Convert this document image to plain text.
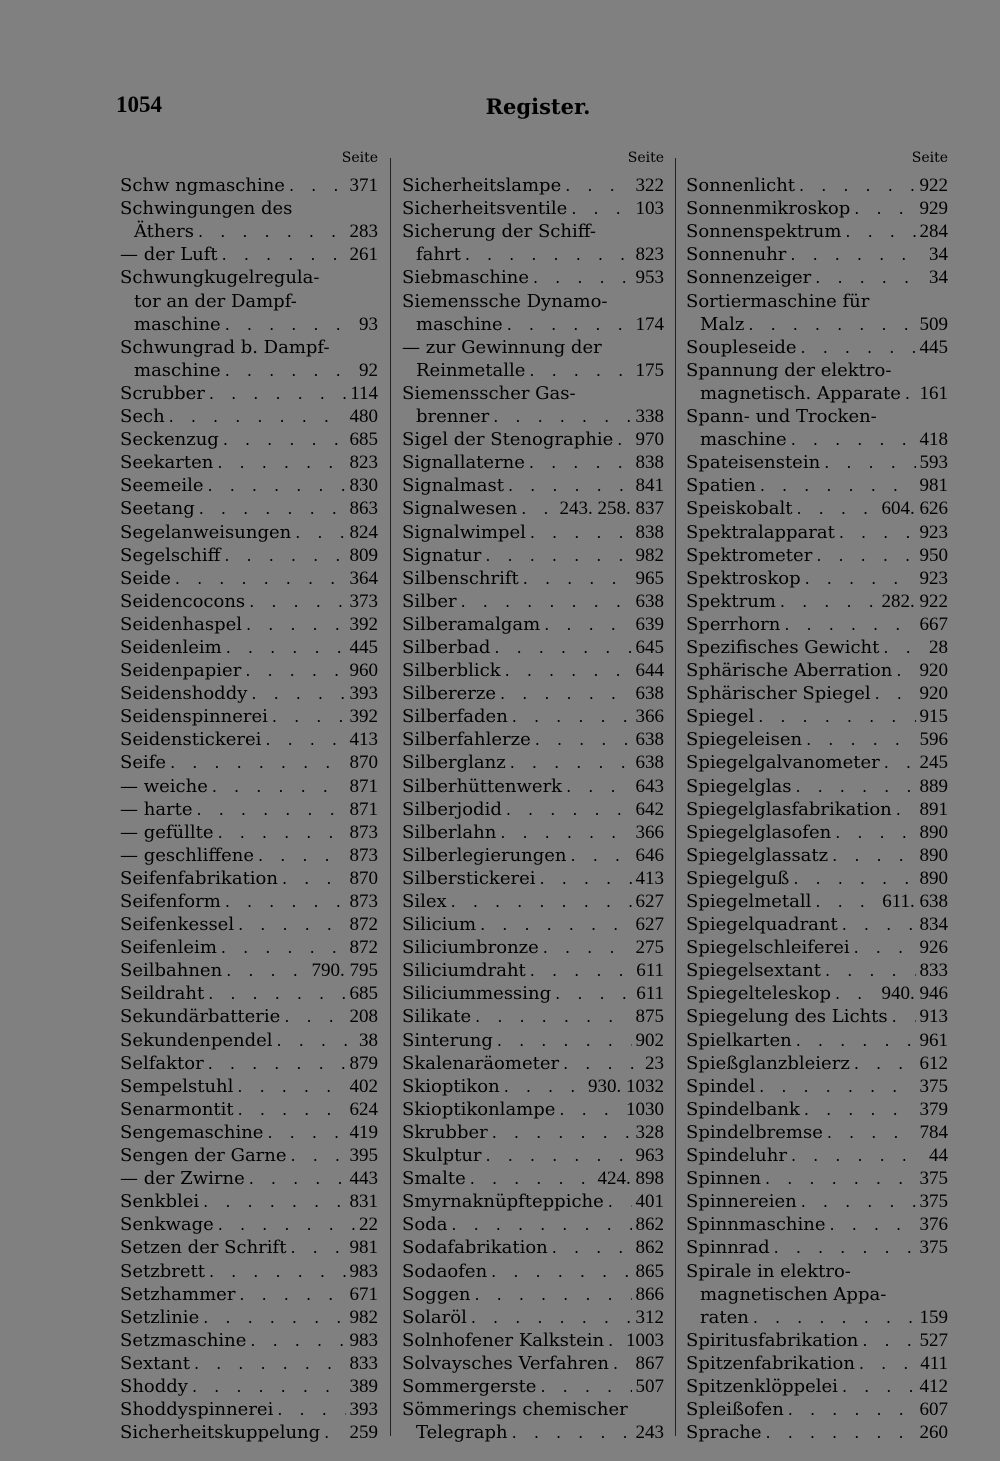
1054	Register.
Seite
Schw ngmaschine . . .	371
Schwingungen des
Äthers . . .	283
— der Luft . . .	261
Schwungkugelregula-
tor an der Dampf-
maschine . . .	93
Schwungrad b. Dampf-
maschine . . .	92
Scrubber . . .	114
Sech . . .	480
Seckenzug . . .	685
Seekarten . . .	823
Seemeile . . .	830
Seetang . . .	863
Segelanweisungen . . .	824
Segelschiff . . .	809
Seide . . .	364
Seidencocons . . .	373
Seidenhaspel . . .	392
Seidenleim . . .	445
Seidenpapier . . .	960
Seidenshoddy . . .	393
Seidenspinnerei . . .	392
Seidenstickerei . . .	413
Seife . . .	870
— weiche . . .	871
— harte . . .	871
— gefüllte . . .	873
— geschliffene . . .	873
Seifenfabrikation . . .	870
Seifenform . . .	873
Seifenkessel . . .	872
Seifenleim . . .	872
Seilbahnen . . .	790. 795
Seildraht . . .	685
Sekundärbatterie . . .	208
Sekundenpendel . . .	38
Selfaktor . . .	879
Sempelstuhl . . .	402
Senarmontit . . .	624
Sengemaschine . . .	419
Sengen der Garne . . .	395
— der Zwirne . . .	443
Senkblei . . .	831
Senkwage . . .	22
Setzen der Schrift . . .	981
Setzbrett . . .	983
Setzhammer . . .	671
Setzlinie . . .	982
Setzmaschine . . .	983
Sextant . . .	833
Shoddy . . .	389
Shoddyspinnerei . . .	393
Sicherheitskuppelung . . . 259
Seite
Sicherheitslampe . . .	322
Sicherheitsventile . . .	103
Sicherung der Schiff-
fahrt . . .	823
Siebmaschine . . .	953
Siemenssche Dynamo-
maschine . . .	174
— zur Gewinnung der
Reinmetalle . . .	175
Siemensscher Gas-
brenner . . .	338
Sigel der Stenographie . . . 970
Signallaterne . . .	838
Signalmast . . .	841
Signalwesen . . . 243. 258. 837
Signalwimpel . . .	838
Signatur . . .	982
Silbenschrift . . .	965
Silber . . .	638
Silberamalgam . . .	639
Silberbad . . .	645
Silberblick . . .	644
Silbererze . . .	638
Silberfaden . . .	366
Silberfahlerze . . .	638
Silberglanz . . .	638
Silberhüttenwerk . . .	643
Silberjodid . . .	642
Silberlahn . . .	366
Silberlegierungen . . .	646
Silberstickerei . . .	413
Silex . . .	627
Silicium . . .	627
Siliciumbronze . . .	275
Siliciumdraht . . .	611
Siliciummessing . . .	611
Silikate . . .	875
Sinterung . . .	902
Skalenaräometer . . .	23
Skioptikon . . .	930. 1032
Skioptikonlampe . . .	1030
Skrubber . . .	328
Skulptur . . .	963
Smalte . . .	424. 898
Smyrnaknüpfteppiche . . . 401
Soda . . .	862
Sodafabrikation . . .	862
Sodaofen . . .	865
Soggen . . .	866
Solaröl . . .	312
Solnhofener Kalkstein . . . 1003
Solvaysches Verfahren . . . 867
Sommergerste . . .	507
Sömmerings chemischer
Telegraph . . .	243
Seite
Sonnenlicht . . .	922
Sonnenmikroskop . . .	929
Sonnenspektrum . . .	284
Sonnenuhr . . .	34
Sonnenzeiger . . .	34
Sortiermaschine für
Malz . . .	509
Soupleseide . . .	445
Spannung der elektro-
magnetisch. Apparate . . . 161
Spann- und Trocken-
maschine . . .	418
Spateisenstein . . .	593
Spatien . . .	981
Speiskobalt . . .	604. 626
Spektralapparat . . .	923
Spektrometer . . .	950
Spektroskop . . .	923
Spektrum . . .	282. 922
Sperrhorn . . .	667
Spezifisches Gewicht . . .	28
Sphärische Aberration . . . 920
Sphärischer Spiegel . . .	920
Spiegel . . .	915
Spiegeleisen . . .	596
Spiegelgalvanometer . . . 245
Spiegelglas . . .	889
Spiegelglasfabrikation . . . 891
Spiegelglasofen . . .	890
Spiegelglassatz . . .	890
Spiegelguß . . .	890
Spiegelmetall . . .	611. 638
Spiegelquadrant . . .	834
Spiegelschleiferei . . .	926
Spiegelsextant . . .	833
Spiegelteleskop . . .	940. 946
Spiegelung des Lichts . . . 913
Spielkarten . . .	961
Spießglanzbleierz . . .	612
Spindel . . .	375
Spindelbank . . .	379
Spindelbremse . . .	784
Spindeluhr . . .	44
Spinnen . . .	375
Spinnereien . . .	375
Spinnmaschine . . .	376
Spinnrad . . .	375
Spirale in elektro-
magnetischen Appa-
raten . . .	159
Spiritusfabrikation . . .	527
Spitzenfabrikation . . .	411
Spitzenklöppelei . . .	412
Spleißofen . . .	607
Sprache . . .	260
